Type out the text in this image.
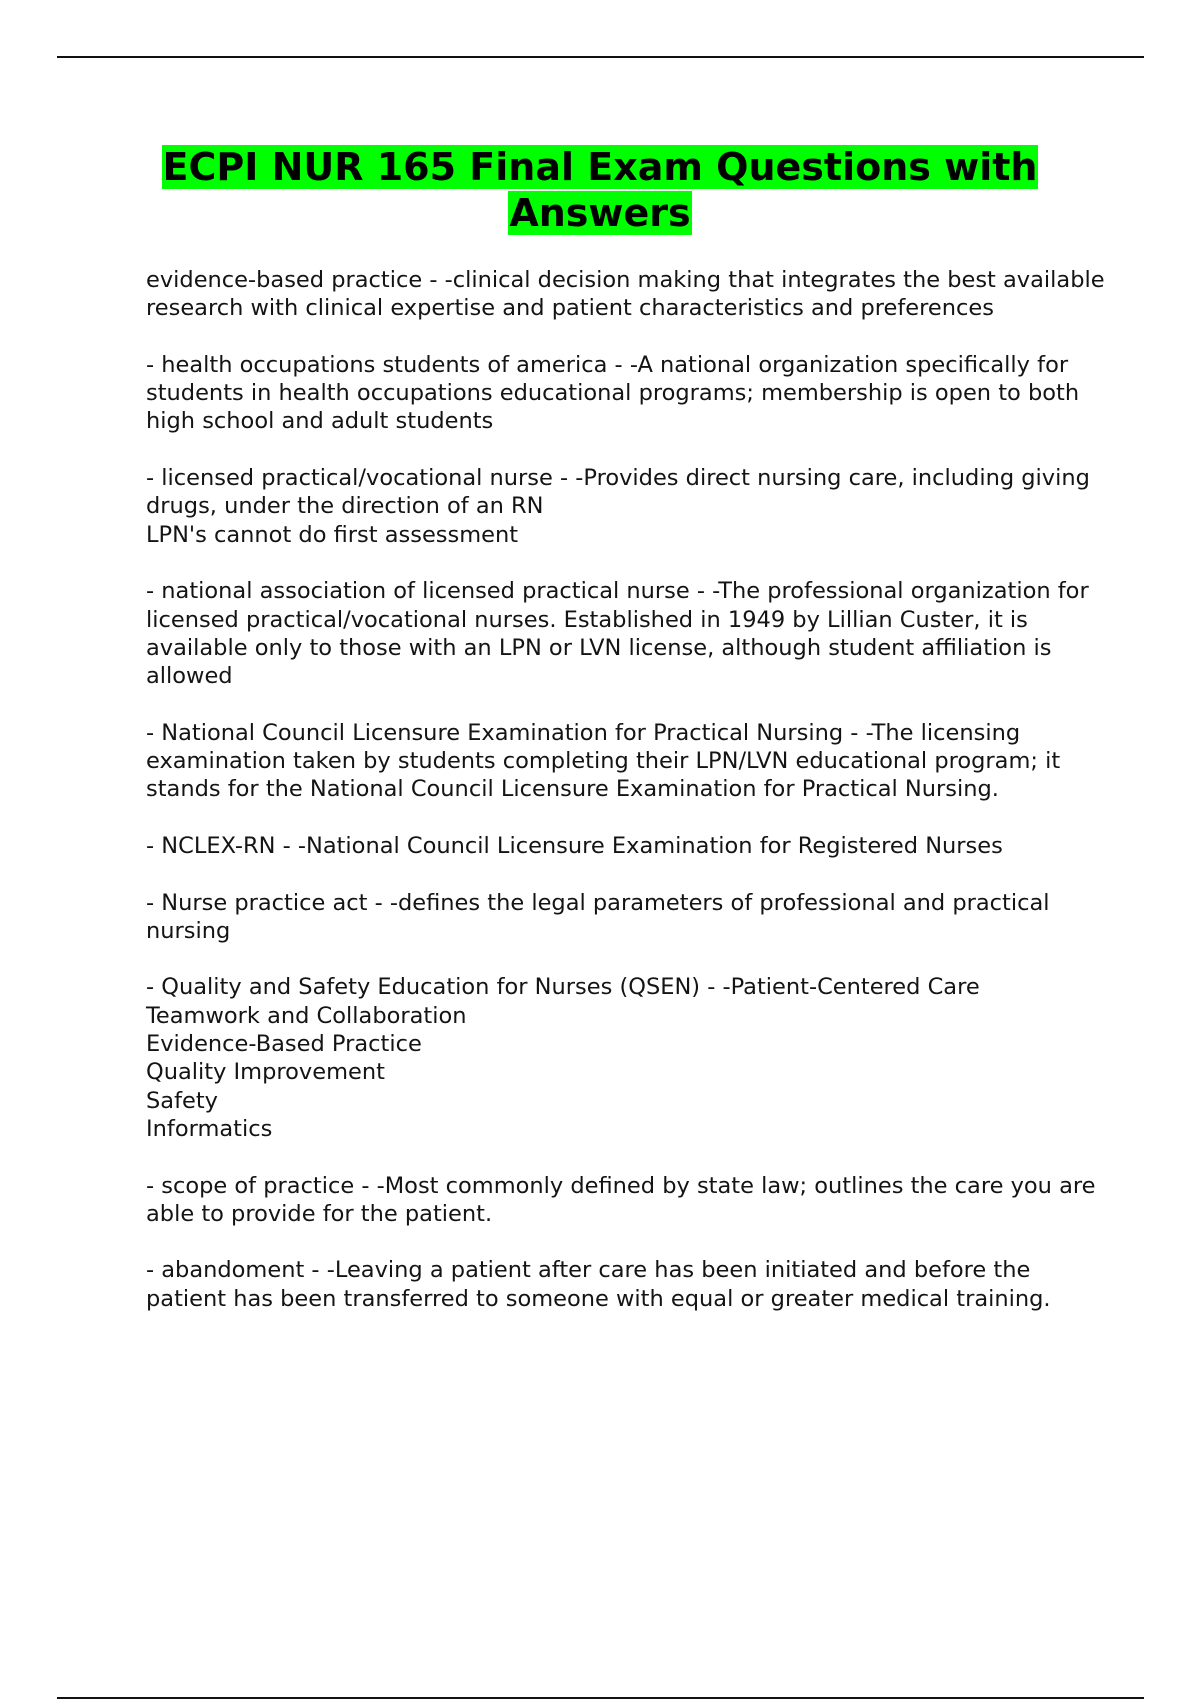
ECPI NUR 165 Final Exam Questions with Answers

evidence-based practice - -clinical decision making that integrates the best available research with clinical expertise and patient characteristics and preferences

- health occupations students of america - -A national organization specifically for students in health occupations educational programs; membership is open to both high school and adult students

- licensed practical/vocational nurse - -Provides direct nursing care, including giving drugs, under the direction of an RN
LPN's cannot do first assessment

- national association of licensed practical nurse - -The professional organization for licensed practical/vocational nurses. Established in 1949 by Lillian Custer, it is available only to those with an LPN or LVN license, although student affiliation is allowed

- National Council Licensure Examination for Practical Nursing - -The licensing examination taken by students completing their LPN/LVN educational program; it stands for the National Council Licensure Examination for Practical Nursing.

- NCLEX-RN - -National Council Licensure Examination for Registered Nurses

- Nurse practice act - -defines the legal parameters of professional and practical nursing

- Quality and Safety Education for Nurses (QSEN) - -Patient-Centered Care
Teamwork and Collaboration
Evidence-Based Practice
Quality Improvement
Safety
Informatics

- scope of practice - -Most commonly defined by state law; outlines the care you are able to provide for the patient.

- abandoment - -Leaving a patient after care has been initiated and before the patient has been transferred to someone with equal or greater medical training.
